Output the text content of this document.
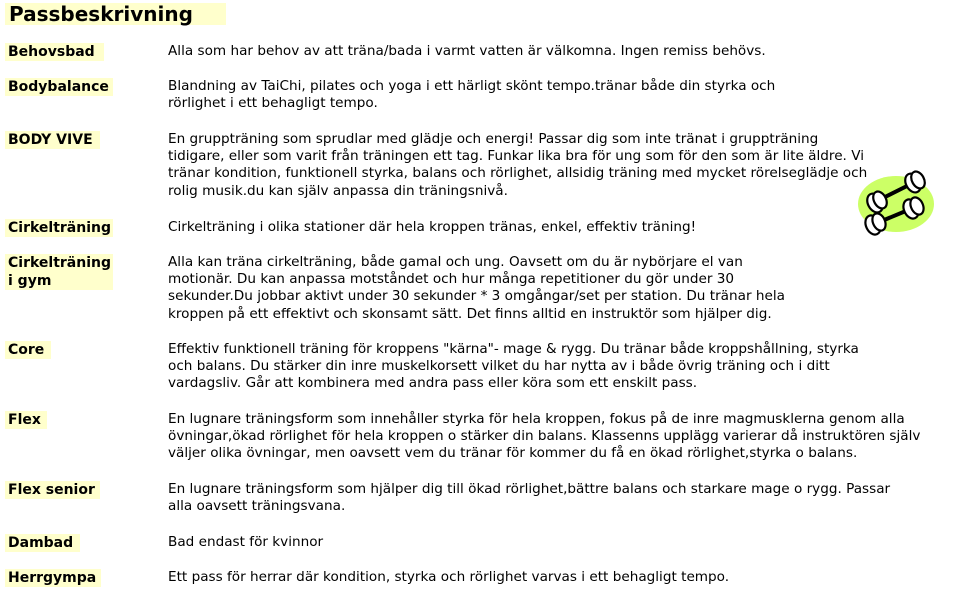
Passbeskrivning
Behovsbad
Bodybalance
BODY VIVE
Cirkelträning
Cirkelträning i gym
Core
Flex
Flex senior
Dambad
Herrgympa
Alla som har behov av att träna/bada i varmt vatten är välkomna. Ingen remiss behövs.
Blandning av TaiChi, pilates och yoga i ett härligt skönt tempo.tränar både din styrka och rörlighet i ett behagligt tempo.
En gruppträning som sprudlar med glädje och energi! Passar dig som inte tränat i gruppträning tidigare, eller som varit från träningen ett tag. Funkar lika bra för ung som för den som är lite äldre. Vi tränar kondition, funktionell styrka, balans och rörlighet, allsidig träning med mycket rörelseglädje och rolig musik.du kan själv anpassa din träningsnivå.
Cirkelträning i olika stationer där hela kroppen tränas, enkel, effektiv träning!
Alla kan träna cirkelträning, både gamal och ung. Oavsett om du är nybörjare el van motionär. Du kan anpassa motståndet och hur många repetitioner du gör under 30 sekunder.Du jobbar aktivt under 30 sekunder * 3 omgångar/set per station. Du tränar hela kroppen på ett effektivt och skonsamt sätt. Det finns alltid en instruktör som hjälper dig.
Effektiv funktionell träning för kroppens "kärna"- mage & rygg. Du tränar både kroppshållning, styrka och balans. Du stärker din inre muskelkorsett vilket du har nytta av i både övrig träning och i ditt vardagsliv. Går att kombinera med andra pass eller köra som ett enskilt pass.
En lugnare träningsform som innehåller styrka för hela kroppen, fokus på de inre magmusklerna genom alla övningar,ökad rörlighet för hela kroppen o stärker din balans. Klassenns upplägg varierar då instruktören själv väljer olika övningar, men oavsett vem du tränar för kommer du få en ökad rörlighet,styrka o balans.
En lugnare träningsform som hjälper dig till ökad rörlighet,bättre balans och starkare mage o rygg. Passar alla oavsett träningsvana.
Bad endast för kvinnor
Ett pass för herrar där kondition, styrka och rörlighet varvas i ett behagligt tempo.
